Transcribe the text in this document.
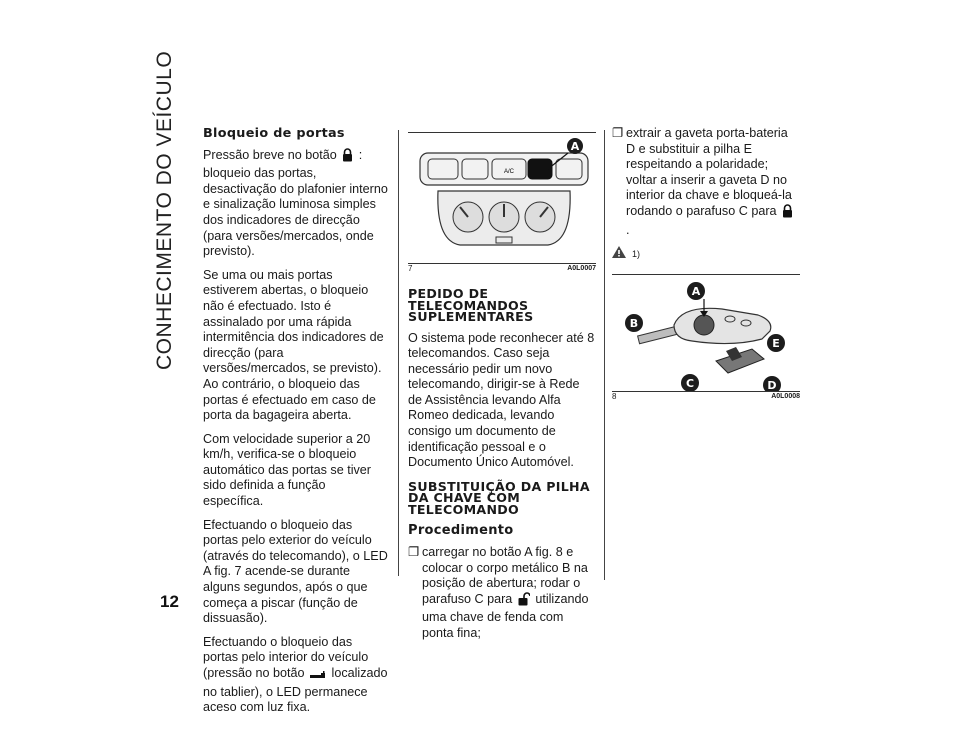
CONHECIMENTO DO VEÍCULO
12
Bloqueio de portas

Pressão breve no botão : bloqueio das portas, desactivação do plafonier interno e sinalização luminosa simples dos indicadores de direcção (para versões/mercados, onde previsto).

Se uma ou mais portas estiverem abertas, o bloqueio não é efectuado. Isto é assinalado por uma rápida intermitência dos indicadores de direcção (para versões/mercados, se previsto). Ao contrário, o bloqueio das portas é efectuado em caso de porta da bagageira aberta.

Com velocidade superior a 20 km/h, verifica-se o bloqueio automático das portas se tiver sido definida a função específica.

Efectuando o bloqueio das portas pelo exterior do veículo (através do telecomando), o LED A fig. 7 acende-se durante alguns segundos, após o que começa a piscar (função de dissuasão).

Efectuando o bloqueio das portas pelo interior do veículo (pressão no botão localizado no tablier), o LED permanece aceso com luz fixa.

A/C
A
7	A0L0007
PEDIDO DE TELECOMANDOS SUPLEMENTARES

O sistema pode reconhecer até 8 telecomandos. Caso seja necessário pedir um novo telecomando, dirigir-se à Rede de Assistência levando Alfa Romeo dedicada, levando consigo um documento de identificação pessoal e o Documento Único Automóvel.

SUBSTITUIÇÃO DA PILHA DA CHAVE COM TELECOMANDO
Procedimento
❐ carregar no botão A fig. 8 e colocar o corpo metálico B na posição de abertura; rodar o parafuso C para utilizando uma chave de fenda com ponta fina;
❐ extrair a gaveta porta-bateria D e substituir a pilha E respeitando a polaridade; voltar a inserir a gaveta D no interior da chave e bloqueá-la rodando o parafuso C para  .
1)
A
B
E
C	D
8	A0L0008
